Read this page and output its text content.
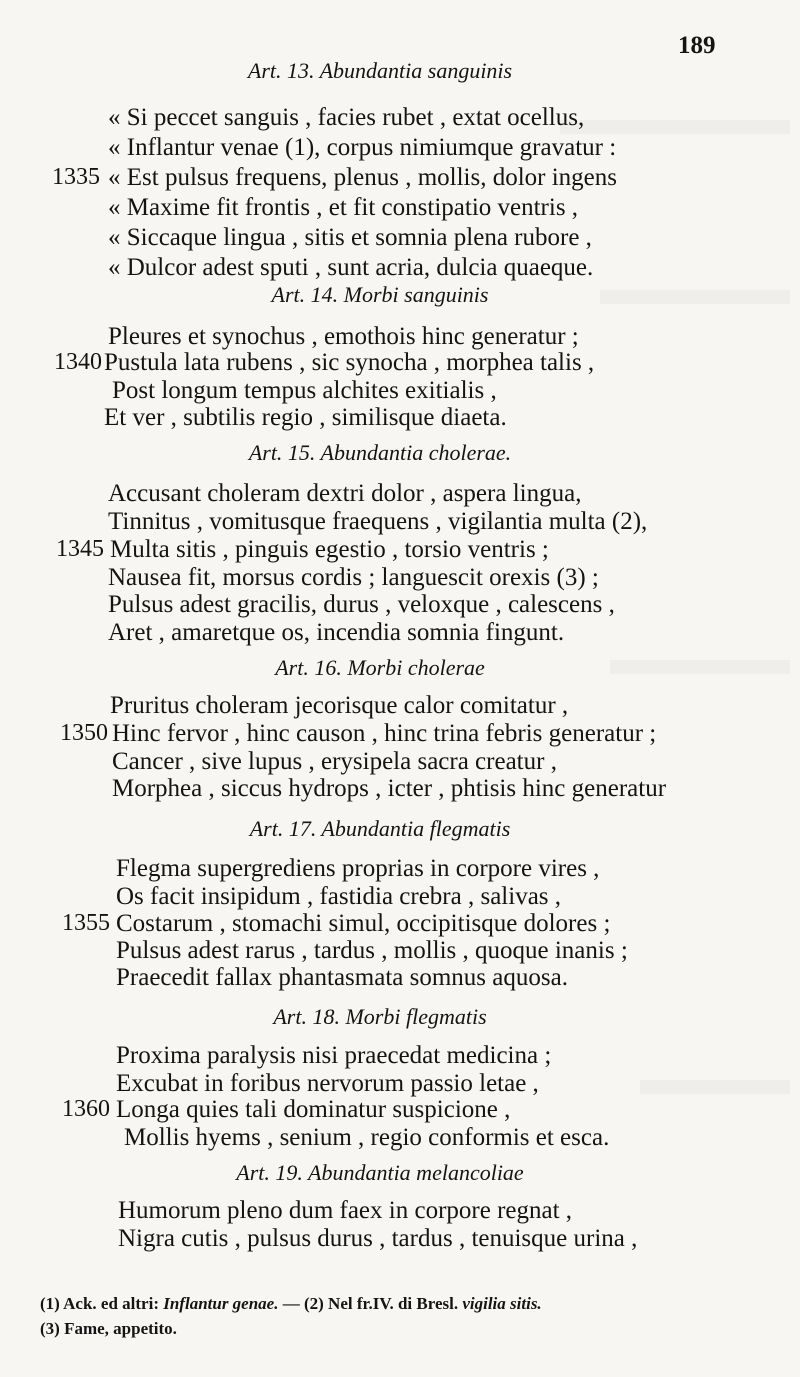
189
Art. 13. Abundantia sanguinis
« Si peccet sanguis , facies rubet , extat ocellus,
« Inflantur venae (1), corpus nimiumque gravatur :
1335 « Est pulsus frequens, plenus , mollis, dolor ingens
« Maxime fit frontis , et fit constipatio ventris ,
« Siccaque lingua , sitis et somnia plena rubore ,
« Dulcor adest sputi , sunt acria, dulcia quaeque.
Art. 14. Morbi sanguinis
Pleures et synochus , emothois hinc generatur ;
1340 Pustula lata rubens , sic synocha , morphea talis ,
Post longum tempus alchites exitialis ,
Et ver , subtilis regio , similisque diaeta.
Art. 15. Abundantia cholerae.
Accusant choleram dextri dolor , aspera lingua,
Tinnitus , vomitusque fraequens , vigilantia multa (2),
1345 Multa sitis , pinguis egestio , torsio ventris ;
Nausea fit, morsus cordis ; languescit orexis (3) ;
Pulsus adest gracilis, durus , veloxque , calescens ,
Aret , amaretque os, incendia somnia fingunt.
Art. 16. Morbi cholerae
Pruritus choleram jecorisque calor comitatur ,
1350 Hinc fervor , hinc causon , hinc trina febris generatur ;
Cancer , sive lupus , erysipela sacra creatur ,
Morphea , siccus hydrops , icter , phtisis hinc generatur
Art. 17. Abundantia flegmatis
Flegma supergrediens proprias in corpore vires ,
Os facit insipidum , fastidia crebra , salivas ,
1355 Costarum , stomachi simul, occipitisque dolores ;
Pulsus adest rarus , tardus , mollis , quoque inanis ;
Praecedit fallax phantasmata somnus aquosa.
Art. 18. Morbi flegmatis
Proxima paralysis nisi praecedat medicina ;
Excubat in foribus nervorum passio letae ,
1360 Longa quies tali dominatur suspicione ,
Mollis hyems , senium , regio conformis et esca.
Art. 19. Abundantia melancoliae
Humorum pleno dum faex in corpore regnat ,
Nigra cutis , pulsus durus , tardus , tenuisque urina ,
(1) Ack. ed altri: Inflantur genae. — (2) Nel fr.IV. di Bresl. vigilia sitis.
(3) Fame, appetito.
